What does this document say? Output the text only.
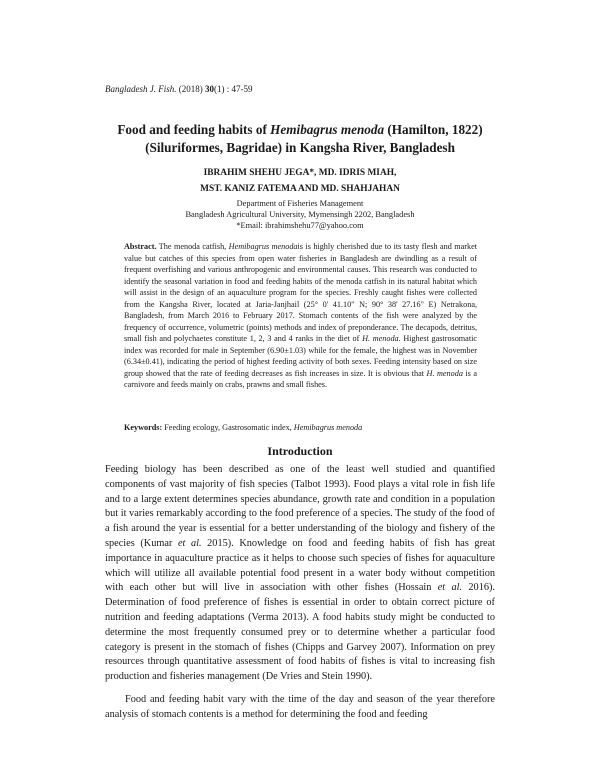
Bangladesh J. Fish. (2018) 30(1) : 47-59
Food and feeding habits of Hemibagrus menoda (Hamilton, 1822) (Siluriformes, Bagridae) in Kangsha River, Bangladesh
IBRAHIM SHEHU JEGA*, MD. IDRIS MIAH,
MST. KANIZ FATEMA AND MD. SHAHJAHAN
Department of Fisheries Management
Bangladesh Agricultural University, Mymensingh 2202, Bangladesh
*Email: ibrahimshehu77@yahoo.com
Abstract. The menoda catfish, Hemibagrus menodais is highly cherished due to its tasty flesh and market value but catches of this species from open water fisheries in Bangladesh are dwindling as a result of frequent overfishing and various anthropogenic and environmental causes. This research was conducted to identify the seasonal variation in food and feeding habits of the menoda catfish in its natural habitat which will assist in the design of an aquaculture program for the species. Freshly caught fishes were collected from the Kangsha River, located at Jaria-Janjhail (25° 0' 41.10" N; 90° 38' 27.16" E) Netrakona, Bangladesh, from March 2016 to February 2017. Stomach contents of the fish were analyzed by the frequency of occurrence, volumetric (points) methods and index of preponderance. The decapods, detritus, small fish and polychaetes constitute 1, 2, 3 and 4 ranks in the diet of H. menoda. Highest gastrosomatic index was recorded for male in September (6.90±1.03) while for the female, the highest was in November (6.34±0.41), indicating the period of highest feeding activity of both sexes. Feeding intensity based on size group showed that the rate of feeding decreases as fish increases in size. It is obvious that H. menoda is a carnivore and feeds mainly on crabs, prawns and small fishes.
Keywords: Feeding ecology, Gastrosomatic index, Hemibagrus menoda
Introduction

Feeding biology has been described as one of the least well studied and quantified components of vast majority of fish species (Talbot 1993). Food plays a vital role in fish life and to a large extent determines species abundance, growth rate and condition in a population but it varies remarkably according to the food preference of a species. The study of the food of a fish around the year is essential for a better understanding of the biology and fishery of the species (Kumar et al. 2015). Knowledge on food and feeding habits of fish has great importance in aquaculture practice as it helps to choose such species of fishes for aquaculture which will utilize all available potential food present in a water body without competition with each other but will live in association with other fishes (Hossain et al. 2016). Determination of food preference of fishes is essential in order to obtain correct picture of nutrition and feeding adaptations (Verma 2013). A food habits study might be conducted to determine the most frequently consumed prey or to determine whether a particular food category is present in the stomach of fishes (Chipps and Garvey 2007). Information on prey resources through quantitative assessment of food habits of fishes is vital to increasing fish production and fisheries management (De Vries and Stein 1990).

Food and feeding habit vary with the time of the day and season of the year therefore analysis of stomach contents is a method for determining the food and feeding
